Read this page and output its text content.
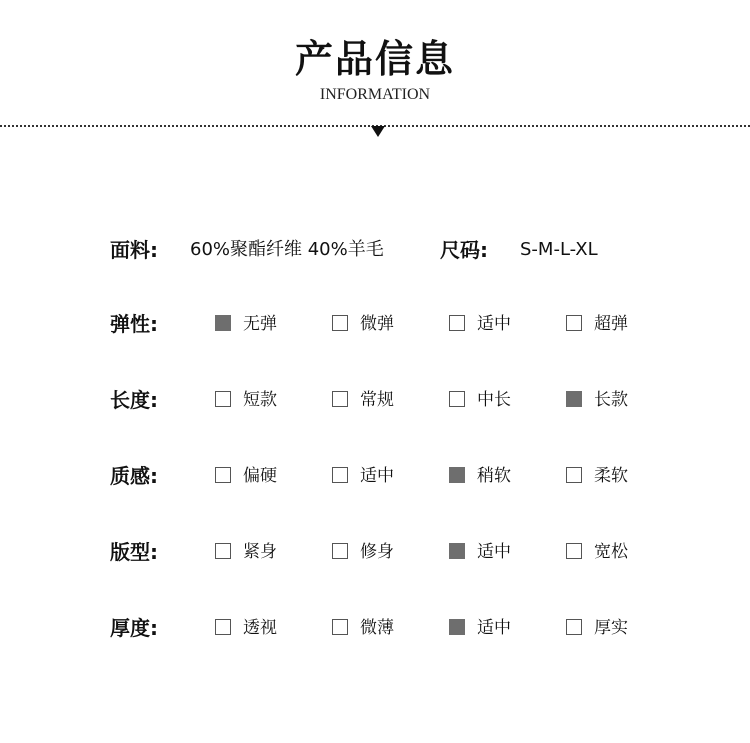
产品信息
INFORMATION
面料: 60%聚酯纤维 40%羊毛	尺码: S-M-L-XL
弹性:	无弹	微弹	适中	超弹
长度:	短款	常规	中长	长款
质感:	偏硬	适中	稍软	柔软
版型:	紧身	修身	适中	宽松
厚度:	透视	微薄	适中	厚实
